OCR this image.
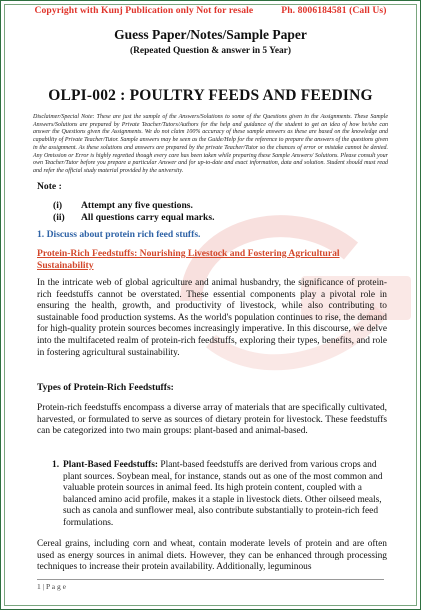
Copyright with Kunj Publication only Not for resale	Ph. 8006184581 (Call Us)
Guess Paper/Notes/Sample Paper
(Repeated Question & answer in 5 Year)
OLPI-002 : POULTRY FEEDS AND FEEDING
Disclaimer/Special Note: These are just the sample of the Answers/Solutions to some of the Questions given in the Assignments. These Sample Answers/Solutions are prepared by Private Teacher/Tutors/Authors for the help and guidance of the student to get an idea of how he/she can answer the Questions given the Assignments. We do not claim 100% accuracy of these sample answers as these are based on the knowledge and capability of Private Teacher/Tutor. Sample answers may be seen as the Guide/Help for the reference to prepare the answers of the questions given in the assignment. As these solutions and answers are prepared by the private Teacher/Tutor so the chances of error or mistake cannot be denied. Any Omission or Error is highly regretted though every care has been taken while preparing these Sample Answers/ Solutions. Please consult your own Teacher/Tutor before you prepare a particular Answer and for up-to-date and exact information, data and solution. Student should must read and refer the official study material provided by the university.
Note :
(i) Attempt any five questions.
(ii) All questions carry equal marks.
1. Discuss about protein rich feed stuffs.
Protein-Rich Feedstuffs: Nourishing Livestock and Fostering Agricultural Sustainability
In the intricate web of global agriculture and animal husbandry, the significance of protein-rich feedstuffs cannot be overstated. These essential components play a pivotal role in ensuring the health, growth, and productivity of livestock, while also contributing to sustainable food production systems. As the world's population continues to rise, the demand for high-quality protein sources becomes increasingly imperative. In this discourse, we delve into the multifaceted realm of protein-rich feedstuffs, exploring their types, benefits, and role in fostering agricultural sustainability.
Types of Protein-Rich Feedstuffs:
Protein-rich feedstuffs encompass a diverse array of materials that are specifically cultivated, harvested, or formulated to serve as sources of dietary protein for livestock. These feedstuffs can be categorized into two main groups: plant-based and animal-based.
1. Plant-Based Feedstuffs: Plant-based feedstuffs are derived from various crops and plant sources. Soybean meal, for instance, stands out as one of the most common and valuable protein sources in animal feed. Its high protein content, coupled with a balanced amino acid profile, makes it a staple in livestock diets. Other oilseed meals, such as canola and sunflower meal, also contribute substantially to protein-rich feed formulations.
Cereal grains, including corn and wheat, contain moderate levels of protein and are often used as energy sources in animal diets. However, they can be enhanced through processing techniques to increase their protein availability. Additionally, leguminous
1 | P a g e
